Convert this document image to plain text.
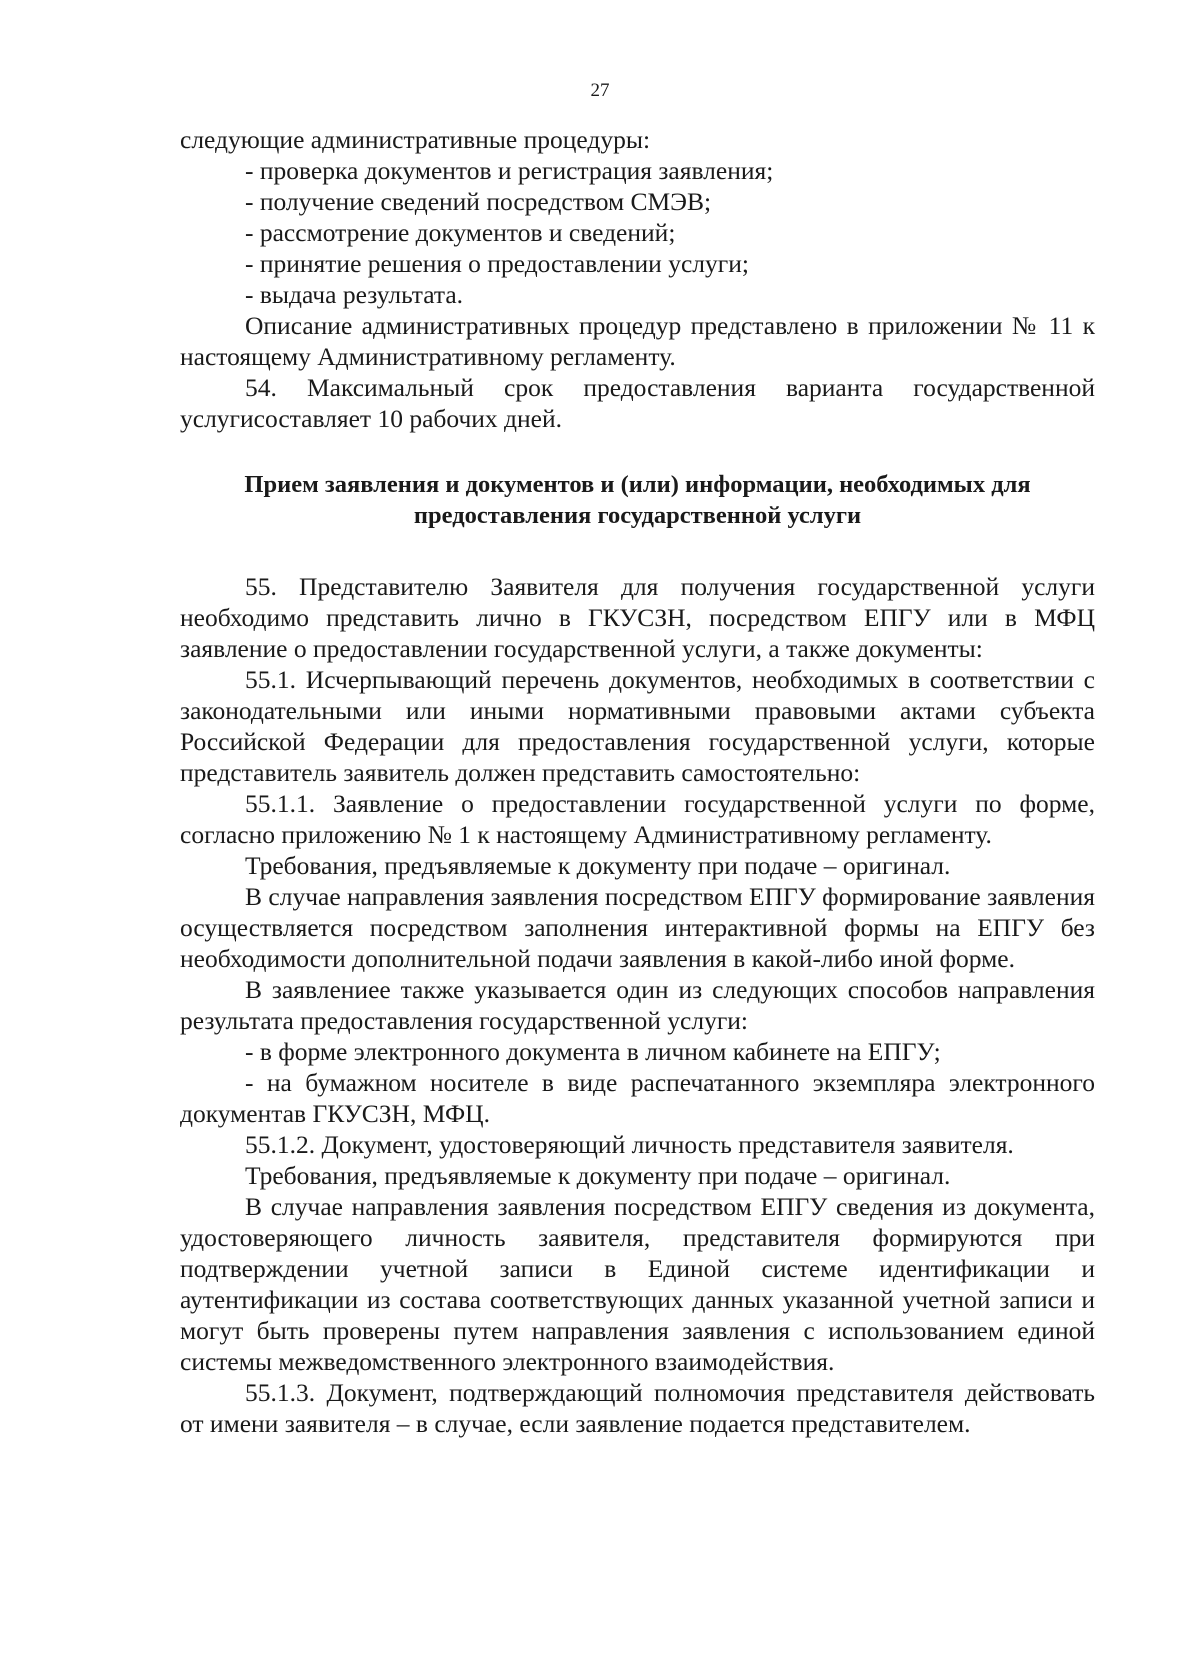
27

следующие административные процедуры:

- проверка документов и регистрация заявления;

- получение сведений посредством СМЭВ;

- рассмотрение документов и сведений;

- принятие решения о предоставлении услуги;

- выдача результата.

Описание административных процедур представлено в приложении № 11 к настоящему Административному регламенту.

54. Максимальный срок предоставления варианта государственной услугисоставляет 10 рабочих дней.

Прием заявления и документов и (или) информации, необходимых для предоставления государственной услуги

55. Представителю Заявителя для получения государственной услуги необходимо представить лично в ГКУСЗН, посредством ЕПГУ или в МФЦ заявление о предоставлении государственной услуги, а также документы:

55.1. Исчерпывающий перечень документов, необходимых в соответствии с законодательными или иными нормативными правовыми актами субъекта Российской Федерации для предоставления государственной услуги, которые представитель заявитель должен представить самостоятельно:

55.1.1. Заявление о предоставлении государственной услуги по форме, согласно приложению № 1 к настоящему Административному регламенту.

Требования, предъявляемые к документу при подаче – оригинал.

В случае направления заявления посредством ЕПГУ формирование заявления осуществляется посредством заполнения интерактивной формы на ЕПГУ без необходимости дополнительной подачи заявления в какой-либо иной форме.

В заявлениее также указывается один из следующих способов направления результата предоставления государственной услуги:

- в форме электронного документа в личном кабинете на ЕПГУ;

- на бумажном носителе в виде распечатанного экземпляра электронного документав ГКУСЗН, МФЦ.

55.1.2. Документ, удостоверяющий личность представителя заявителя.

Требования, предъявляемые к документу при подаче – оригинал.

В случае направления заявления посредством ЕПГУ сведения из документа, удостоверяющего личность заявителя, представителя формируются при подтверждении учетной записи в Единой системе идентификации и аутентификации из состава соответствующих данных указанной учетной записи и могут быть проверены путем направления заявления с использованием единой системы межведомственного электронного взаимодействия.

55.1.3. Документ, подтверждающий полномочия представителя действовать от имени заявителя – в случае, если заявление подается представителем.
